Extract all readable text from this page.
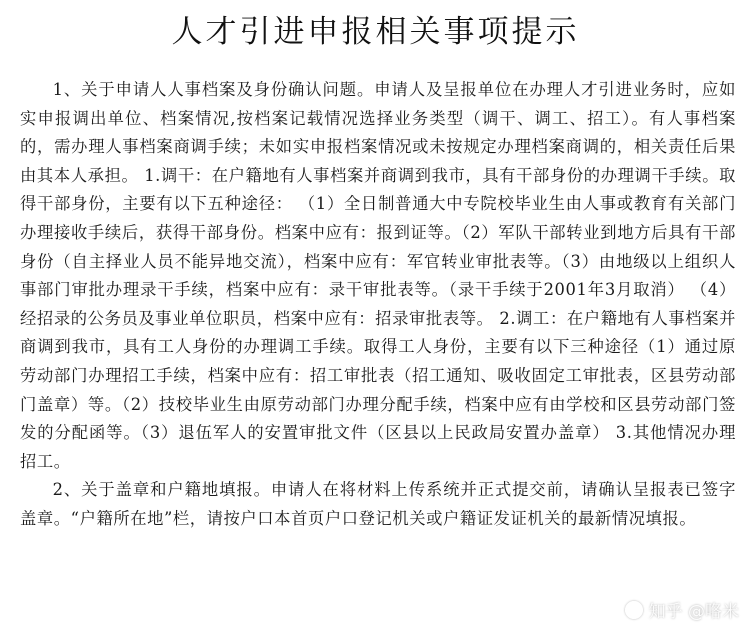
人才引进申报相关事项提示

1、关于申请人人事档案及身份确认问题。申请人及呈报单位在办理人才引进业务时，应如实申报调出单位、档案情况,按档案记载情况选择业务类型（调干、调工、招工）。有人事档案的，需办理人事档案商调手续；未如实申报档案情况或未按规定办理档案商调的，相关责任后果由其本人承担。 1.调干：在户籍地有人事档案并商调到我市，具有干部身份的办理调干手续。取得干部身份，主要有以下五种途径： （1）全日制普通大中专院校毕业生由人事或教育有关部门办理接收手续后，获得干部身份。档案中应有：报到证等。（2）军队干部转业到地方后具有干部身份（自主择业人员不能异地交流），档案中应有：军官转业审批表等。（3）由地级以上组织人事部门审批办理录干手续，档案中应有：录干审批表等。（录干手续于2001年3月取消） （4）经招录的公务员及事业单位职员，档案中应有：招录审批表等。 2.调工：在户籍地有人事档案并商调到我市，具有工人身份的办理调工手续。取得工人身份，主要有以下三种途径（1）通过原劳动部门办理招工手续，档案中应有：招工审批表（招工通知、吸收固定工审批表，区县劳动部门盖章）等。（2）技校毕业生由原劳动部门办理分配手续，档案中应有由学校和区县劳动部门签发的分配函等。（3）退伍军人的安置审批文件（区县以上民政局安置办盖章） 3.其他情况办理招工。

2、关于盖章和户籍地填报。申请人在将材料上传系统并正式提交前，请确认呈报表已签字盖章。“户籍所在地”栏，请按户口本首页户口登记机关或户籍证发证机关的最新情况填报。

知乎 @咯米
